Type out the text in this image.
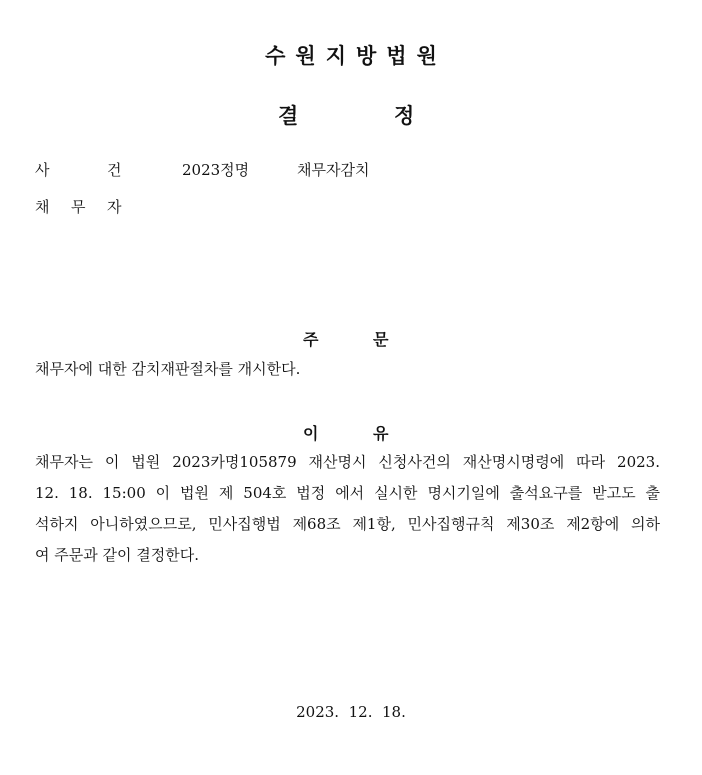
수원지방법원
결	정
사	건	2023정명	채무자감치
채 무 자
주	문
채무자에 대한 감치재판절차를 개시한다.
이	유
채무자는 이 법원 2023카명105879 재산명시 신청사건의 재산명시명령에 따라 2023.
12. 18. 15:00 이 법원 제 504호 법정 에서 실시한 명시기일에 출석요구를 받고도 출
석하지 아니하였으므로, 민사집행법 제68조 제1항, 민사집행규칙 제30조 제2항에 의하
여 주문과 같이 결정한다.
2023.  12.  18.
